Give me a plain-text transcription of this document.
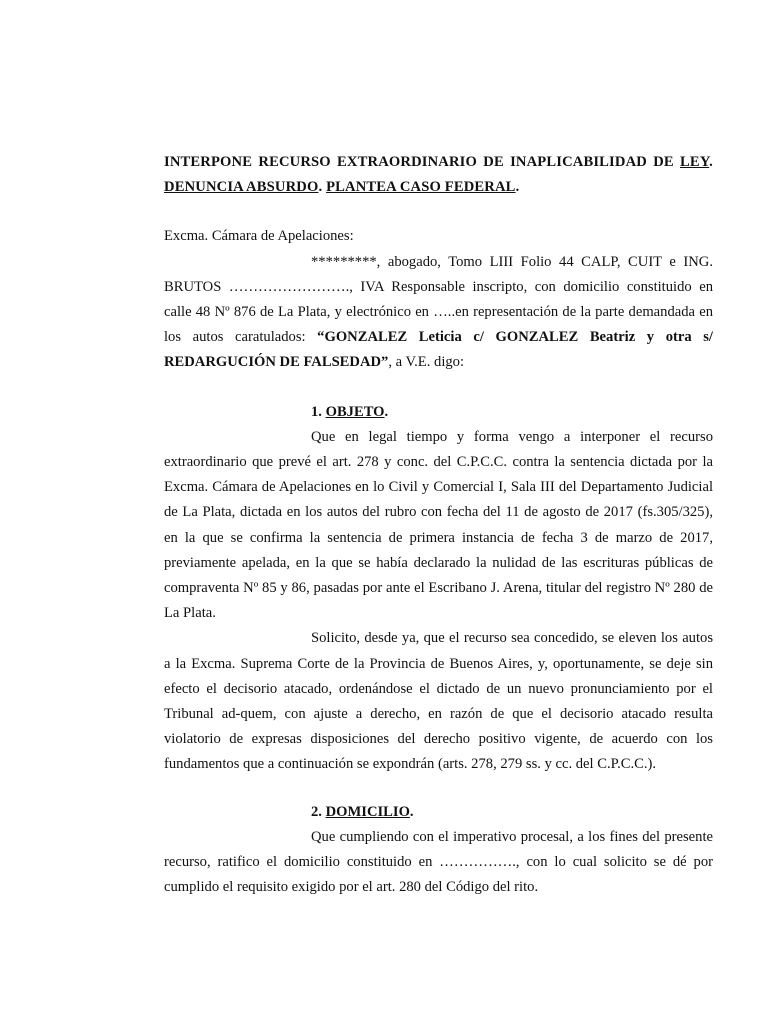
INTERPONE RECURSO EXTRAORDINARIO DE INAPLICABILIDAD DE LEY. DENUNCIA ABSURDO. PLANTEA CASO FEDERAL.

Excma. Cámara de Apelaciones:

*********, abogado, Tomo LIII Folio 44 CALP, CUIT e ING. BRUTOS ……………………., IVA Responsable inscripto, con domicilio constituido en calle 48 Nº 876 de La Plata, y electrónico en …..en representación de la parte demandada en los autos caratulados: “GONZALEZ Leticia c/ GONZALEZ Beatriz y otra s/ REDARGUCIÓN DE FALSEDAD”, a V.E. digo:

1. OBJETO.

Que en legal tiempo y forma vengo a interponer el recurso extraordinario que prevé el art. 278 y conc. del C.P.C.C. contra la sentencia dictada por la Excma. Cámara de Apelaciones en lo Civil y Comercial I, Sala III del Departamento Judicial de La Plata, dictada en los autos del rubro con fecha del 11 de agosto de 2017 (fs.305/325), en la que se confirma la sentencia de primera instancia de fecha 3 de marzo de 2017, previamente apelada, en la que se había declarado la nulidad de las escrituras públicas de compraventa Nº 85 y 86, pasadas por ante el Escribano J. Arena, titular del registro Nº 280 de La Plata.

Solicito, desde ya, que el recurso sea concedido, se eleven los autos a la Excma. Suprema Corte de la Provincia de Buenos Aires, y, oportunamente, se deje sin efecto el decisorio atacado, ordenándose el dictado de un nuevo pronunciamiento por el Tribunal ad-quem, con ajuste a derecho, en razón de que el decisorio atacado resulta violatorio de expresas disposiciones del derecho positivo vigente, de acuerdo con los fundamentos que a continuación se expondrán (arts. 278, 279 ss. y cc. del C.P.C.C.).

2. DOMICILIO.

Que cumpliendo con el imperativo procesal, a los fines del presente recurso, ratifico el domicilio constituido en ……………., con lo cual solicito se dé por cumplido el requisito exigido por el art. 280 del Código del rito.
